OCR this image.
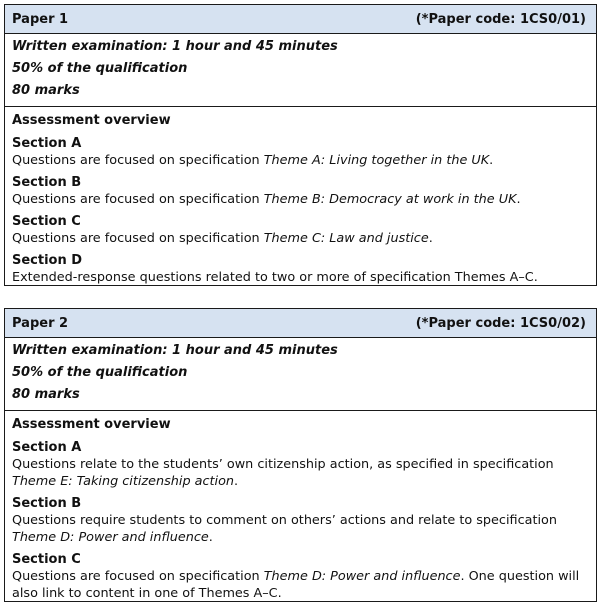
Paper 1	(*Paper code: 1CS0/01)
Written examination: 1 hour and 45 minutes
50% of the qualification
80 marks
Assessment overview
Section A
Questions are focused on specification Theme A: Living together in the UK.
Section B
Questions are focused on specification Theme B: Democracy at work in the UK.
Section C
Questions are focused on specification Theme C: Law and justice.
Section D
Extended-response questions related to two or more of specification Themes A–C.
Paper 2	(*Paper code: 1CS0/02)
Written examination: 1 hour and 45 minutes
50% of the qualification
80 marks
Assessment overview
Section A
Questions relate to the students’ own citizenship action, as specified in specification Theme E: Taking citizenship action.
Section B
Questions require students to comment on others’ actions and relate to specification Theme D: Power and influence.
Section C
Questions are focused on specification Theme D: Power and influence. One question will also link to content in one of Themes A–C.
